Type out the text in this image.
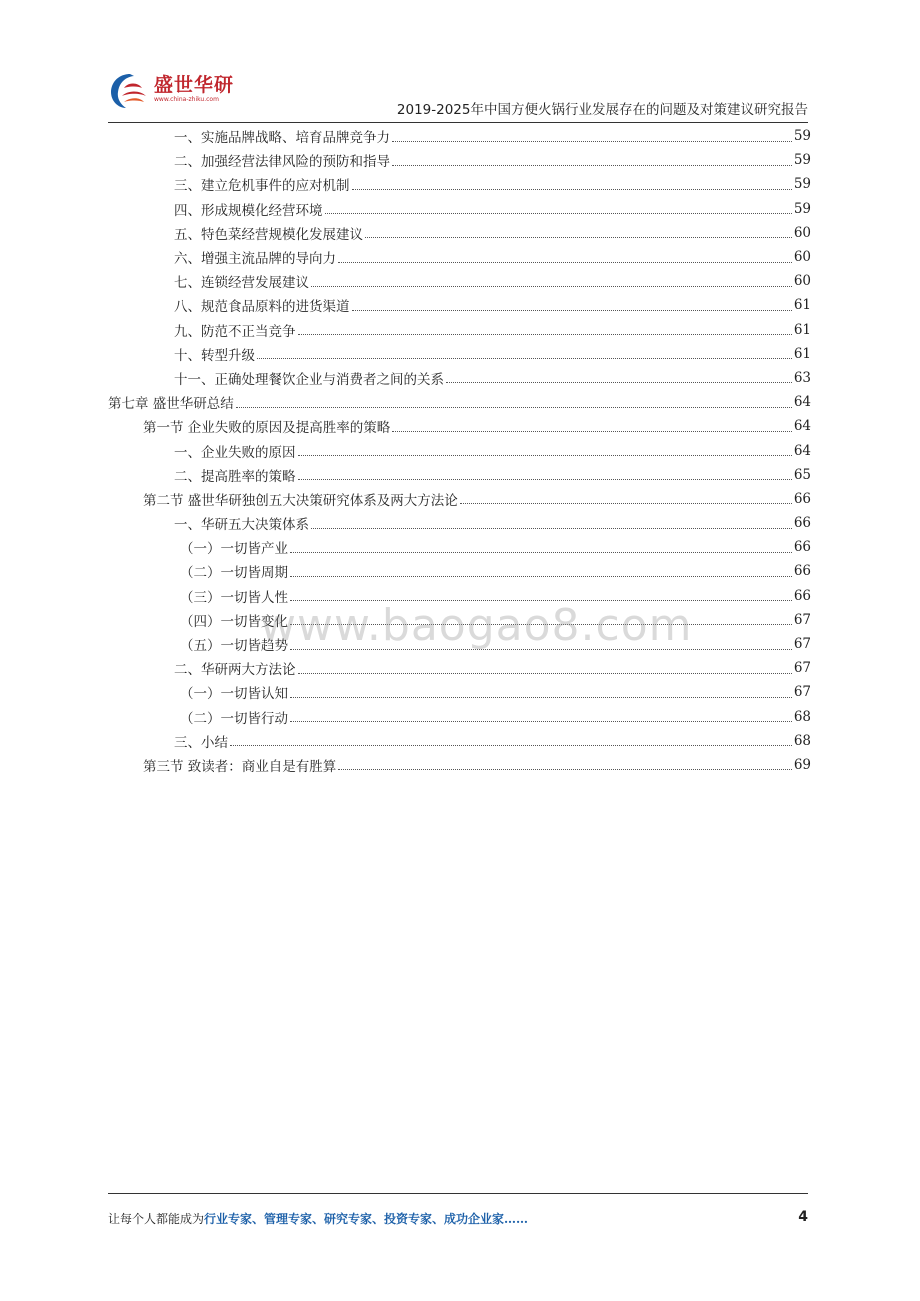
盛世华研
www.china-zhiku.com
2019-2025年中国方便火锅行业发展存在的问题及对策建议研究报告
一、实施品牌战略、培育品牌竞争力	59
二、加强经营法律风险的预防和指导	59
三、建立危机事件的应对机制	59
四、形成规模化经营环境	59
五、特色菜经营规模化发展建议	60
六、增强主流品牌的导向力	60
七、连锁经营发展建议	60
八、规范食品原料的进货渠道	61
九、防范不正当竞争	61
十、转型升级	61
十一、正确处理餐饮企业与消费者之间的关系	63
第七章 盛世华研总结	64
第一节 企业失败的原因及提高胜率的策略	64
一、企业失败的原因	64
二、提高胜率的策略	65
第二节 盛世华研独创五大决策研究体系及两大方法论	66
一、华研五大决策体系	66
（一）一切皆产业	66
（二）一切皆周期	66
（三）一切皆人性	66
（四）一切皆变化	67
（五）一切皆趋势	67
二、华研两大方法论	67
（一）一切皆认知	67
（二）一切皆行动	68
三、小结	68
第三节 致读者：商业自是有胜算	69
www.baogao8.com
让每个人都能成为行业专家、管理专家、研究专家、投资专家、成功企业家……	4
